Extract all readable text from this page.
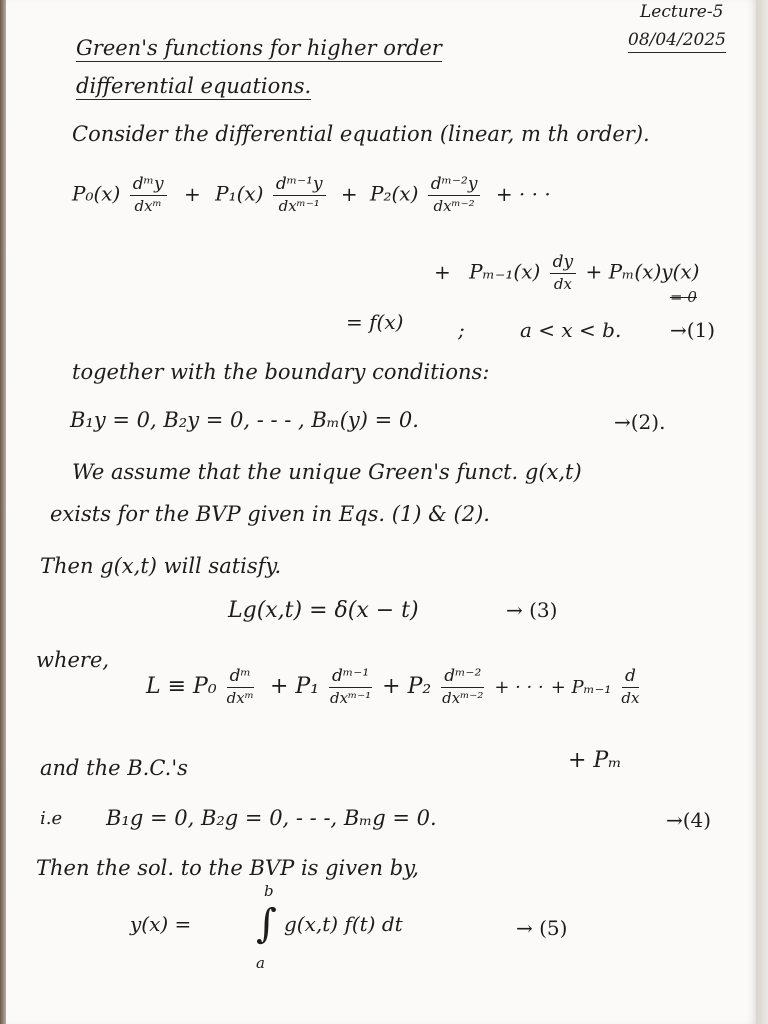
Lecture-5
08/04/2025
Green's functions for higher order
differential equations.
Consider the differential equation (linear, m th order).
$P_0(x) \frac{\text{dᵐy}}{\text{dxᵐ}} + P_1(x) \frac{\text{dᵐ⁻¹y}}{\text{dxᵐ⁻¹}} + P_2(x) \frac{\text{dᵐ⁻²y}}{\text{dxᵐ⁻²}}$ + · · ·
+ $P_{m-1}(x) \frac{dy}{dx} + P_m(x)y(x)$
= 0
= f(x)	;	a < x < b. →(1)
together with the boundary conditions:
B₁y = 0, B₂y = 0, - - - , Bₘ(y) = 0.	→(2).
We assume that the unique Green's funct. g(x,t)
exists for the BVP given in Eqs. (1) & (2).
Then g(x,t) will satisfy.
Lg(x,t) = δ(x − t)	→ (3)
where,
$L \equiv P_0 \frac{\text{dᵐ}}{\text{dxᵐ}} + P_1 \frac{\text{dᵐ⁻¹}}{\text{dxᵐ⁻¹}} + P_2 \frac{\text{dᵐ⁻²}}{\text{dxᵐ⁻²}}$ + · · · + $P_{m-1} \frac{d}{dx}$
+ Pₘ
and the B.C.'s
i.e B₁g = 0, B₂g = 0, - - -, Bₘg = 0.	→(4)
Then the sol. to the BVP is given by,
y(x) =
b
∫
a
g(x,t) f(t) dt	→ (5)
